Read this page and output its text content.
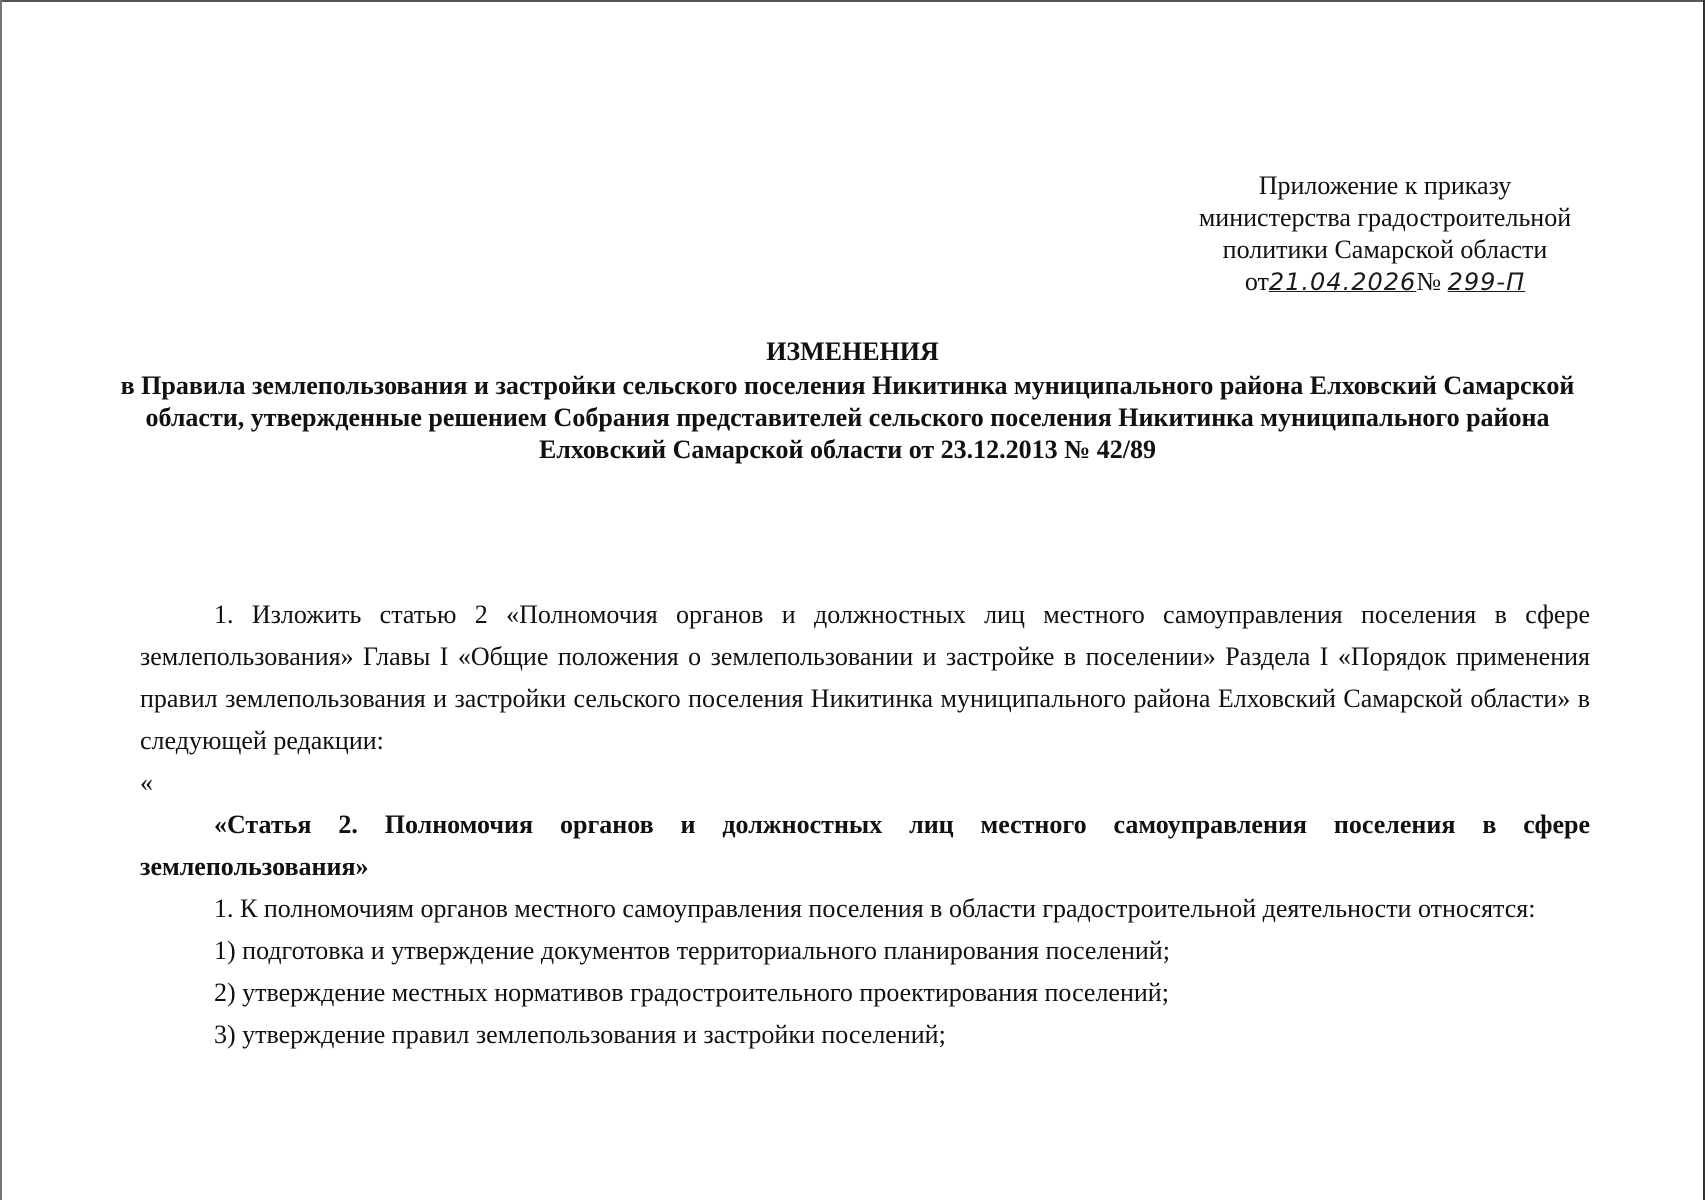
Приложение к приказу
министерства градостроительной
политики Самарской области
от21.04.2026№ 299-П
ИЗМЕНЕНИЯ
в Правила землепользования и застройки сельского поселения Никитинка муниципального района Елховский Самарской области, утвержденные решением Собрания представителей сельского поселения Никитинка муниципального района Елховский Самарской области от 23.12.2013 № 42/89

1. Изложить статью 2 «Полномочия органов и должностных лиц местного самоуправления поселения в сфере землепользования» Главы I «Общие положения о землепользовании и застройке в поселении» Раздела I «Порядок применения правил землепользования и застройки сельского поселения Никитинка муниципального района Елховский Самарской области» в следующей редакции:

«

«Статья 2. Полномочия органов и должностных лиц местного самоуправления поселения в сфере землепользования»

1. К полномочиям органов местного самоуправления поселения в области градостроительной деятельности относятся:

1) подготовка и утверждение документов территориального планирования поселений;

2) утверждение местных нормативов градостроительного проектирования поселений;

3) утверждение правил землепользования и застройки поселений;
